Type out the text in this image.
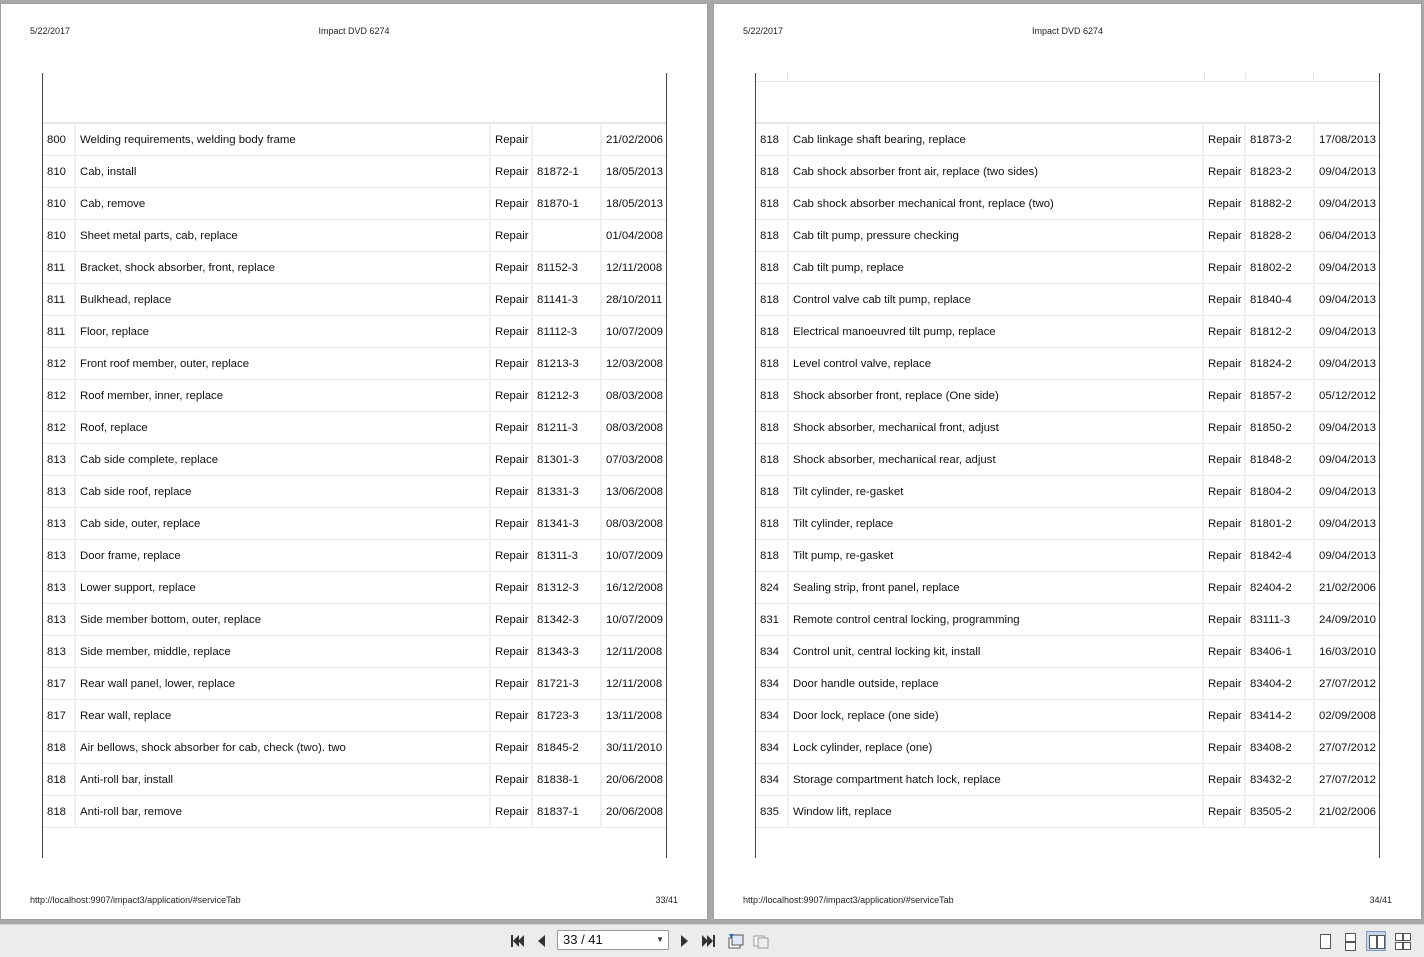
5/22/2017	Impact DVD 6274
800	Welding requirements, welding body frame	Repair		21/02/2006
810	Cab, install	Repair	81872-1	18/05/2013
810	Cab, remove	Repair	81870-1	18/05/2013
810	Sheet metal parts, cab, replace	Repair		01/04/2008
811	Bracket, shock absorber, front, replace	Repair	81152-3	12/11/2008
811	Bulkhead, replace	Repair	81141-3	28/10/2011
811	Floor, replace	Repair	81112-3	10/07/2009
812	Front roof member, outer, replace	Repair	81213-3	12/03/2008
812	Roof member, inner, replace	Repair	81212-3	08/03/2008
812	Roof, replace	Repair	81211-3	08/03/2008
813	Cab side complete, replace	Repair	81301-3	07/03/2008
813	Cab side roof, replace	Repair	81331-3	13/06/2008
813	Cab side, outer, replace	Repair	81341-3	08/03/2008
813	Door frame, replace	Repair	81311-3	10/07/2009
813	Lower support, replace	Repair	81312-3	16/12/2008
813	Side member bottom, outer, replace	Repair	81342-3	10/07/2009
813	Side member, middle, replace	Repair	81343-3	12/11/2008
817	Rear wall panel, lower, replace	Repair	81721-3	12/11/2008
817	Rear wall, replace	Repair	81723-3	13/11/2008
818	Air bellows, shock absorber for cab, check (two). two	Repair	81845-2	30/11/2010
818	Anti-roll bar, install	Repair	81838-1	20/06/2008
818	Anti-roll bar, remove	Repair	81837-1	20/06/2008
http://localhost:9907/impact3/application/#serviceTab	33/41
5/22/2017	Impact DVD 6274
818	Cab linkage shaft bearing, replace	Repair	81873-2	17/08/2013
818	Cab shock absorber front air, replace (two sides)	Repair	81823-2	09/04/2013
818	Cab shock absorber mechanical front, replace (two)	Repair	81882-2	09/04/2013
818	Cab tilt pump, pressure checking	Repair	81828-2	06/04/2013
818	Cab tilt pump, replace	Repair	81802-2	09/04/2013
818	Control valve cab tilt pump, replace	Repair	81840-4	09/04/2013
818	Electrical manoeuvred tilt pump, replace	Repair	81812-2	09/04/2013
818	Level control valve, replace	Repair	81824-2	09/04/2013
818	Shock absorber front, replace (One side)	Repair	81857-2	05/12/2012
818	Shock absorber, mechanical front, adjust	Repair	81850-2	09/04/2013
818	Shock absorber, mechanical rear, adjust	Repair	81848-2	09/04/2013
818	Tilt cylinder, re-gasket	Repair	81804-2	09/04/2013
818	Tilt cylinder, replace	Repair	81801-2	09/04/2013
818	Tilt pump, re-gasket	Repair	81842-4	09/04/2013
824	Sealing strip, front panel, replace	Repair	82404-2	21/02/2006
831	Remote control central locking, programming	Repair	83111-3	24/09/2010
834	Control unit, central locking kit, install	Repair	83406-1	16/03/2010
834	Door handle outside, replace	Repair	83404-2	27/07/2012
834	Door lock, replace (one side)	Repair	83414-2	02/09/2008
834	Lock cylinder, replace (one)	Repair	83408-2	27/07/2012
834	Storage compartment hatch lock, replace	Repair	83432-2	27/07/2012
835	Window lift, replace	Repair	83505-2	21/02/2006
http://localhost:9907/impact3/application/#serviceTab	34/41
33 / 41	▼
